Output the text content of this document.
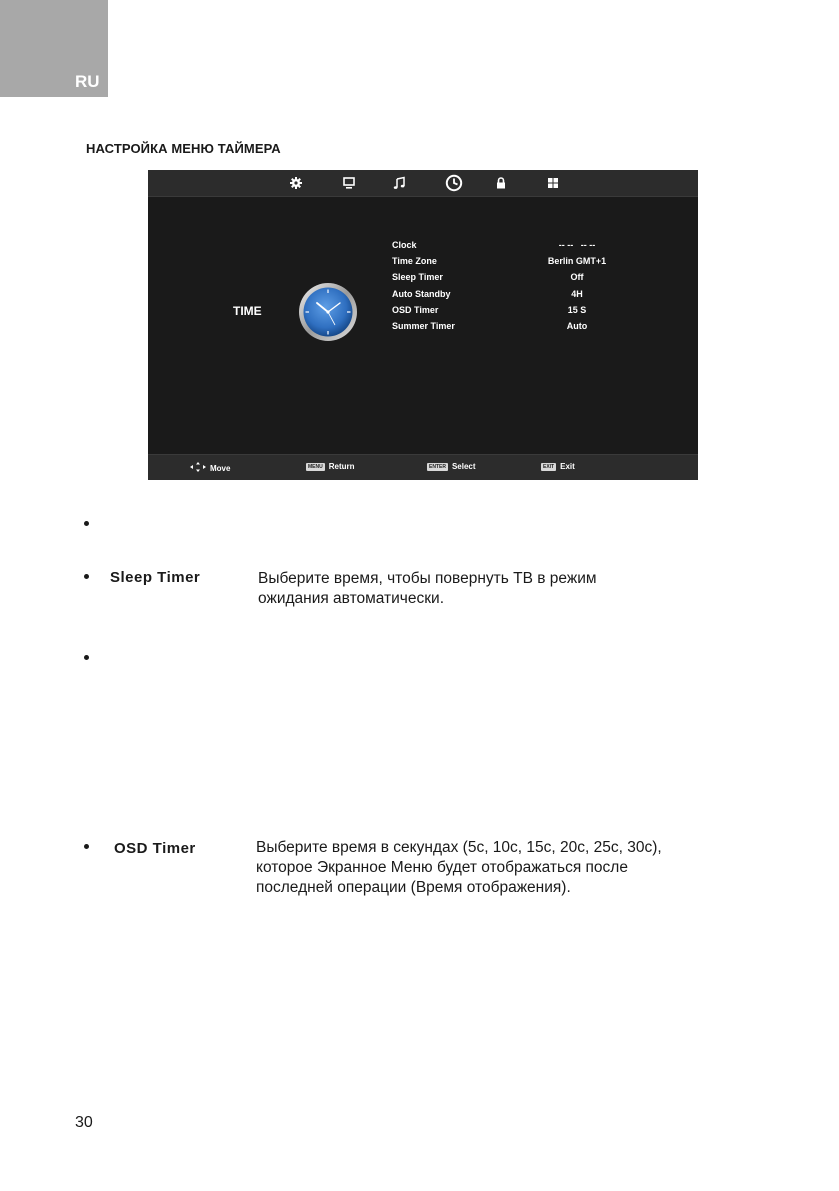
RU
НАСТРОЙКА МЕНЮ ТАЙМЕРА
TIME
Clock	-- --   -- --
Time Zone	Berlin GMT+1
Sleep Timer	Off
Auto Standby	4H
OSD Timer	15 S
Summer Timer	Auto
Move	MENU Return	ENTER Select	EXIT Exit
Sleep Timer	Выберите время, чтобы повернуть ТВ в режим
ожидания автоматически.
OSD Timer	Выберите время в секундах (5с, 10с, 15с, 20с, 25с, 30с),
которое Экранное Меню будет отображаться после
последней операции (Время отображения).
30
